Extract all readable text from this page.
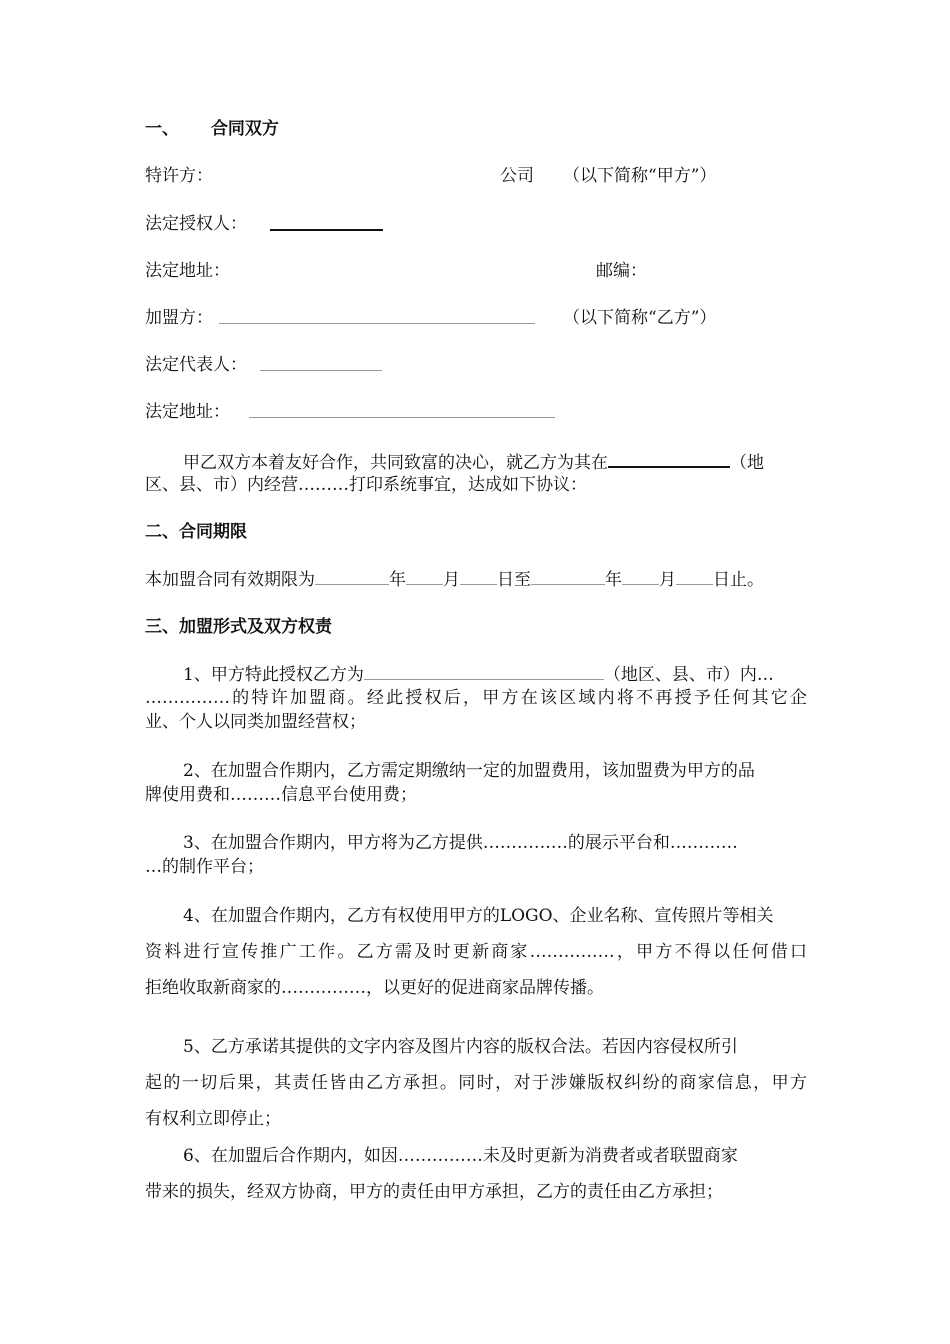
一、 合同双方
特许方：	公司 （以下简称“甲方”）
法定授权人：
法定地址：	邮编：
加盟方：	（以下简称“乙方”）
法定代表人：
法定地址：
甲乙双方本着友好合作，共同致富的决心，就乙方为其在	（地
区、县、市）内经营………打印系统事宜，达成如下协议：
二、合同期限
本加盟合同有效期限为	年 月 日至	年 月 日止。
三、加盟形式及双方权责
1、甲方特此授权乙方为	（地区、县、市）内…
……………的特许加盟商。经此授权后，甲方在该区域内将不再授予任何其它企
业、个人以同类加盟经营权；
2、在加盟合作期内，乙方需定期缴纳一定的加盟费用，该加盟费为甲方的品
牌使用费和………信息平台使用费；
3、在加盟合作期内，甲方将为乙方提供……………的展示平台和…………
…的制作平台；
4、在加盟合作期内，乙方有权使用甲方的LOGO、企业名称、宣传照片等相关
资料进行宣传推广工作。乙方需及时更新商家……………，甲方不得以任何借口
拒绝收取新商家的……………，以更好的促进商家品牌传播。
5、乙方承诺其提供的文字内容及图片内容的版权合法。若因内容侵权所引
起的一切后果，其责任皆由乙方承担。同时，对于涉嫌版权纠纷的商家信息，甲方
有权利立即停止；
6、在加盟后合作期内，如因……………未及时更新为消费者或者联盟商家
带来的损失，经双方协商，甲方的责任由甲方承担，乙方的责任由乙方承担；
